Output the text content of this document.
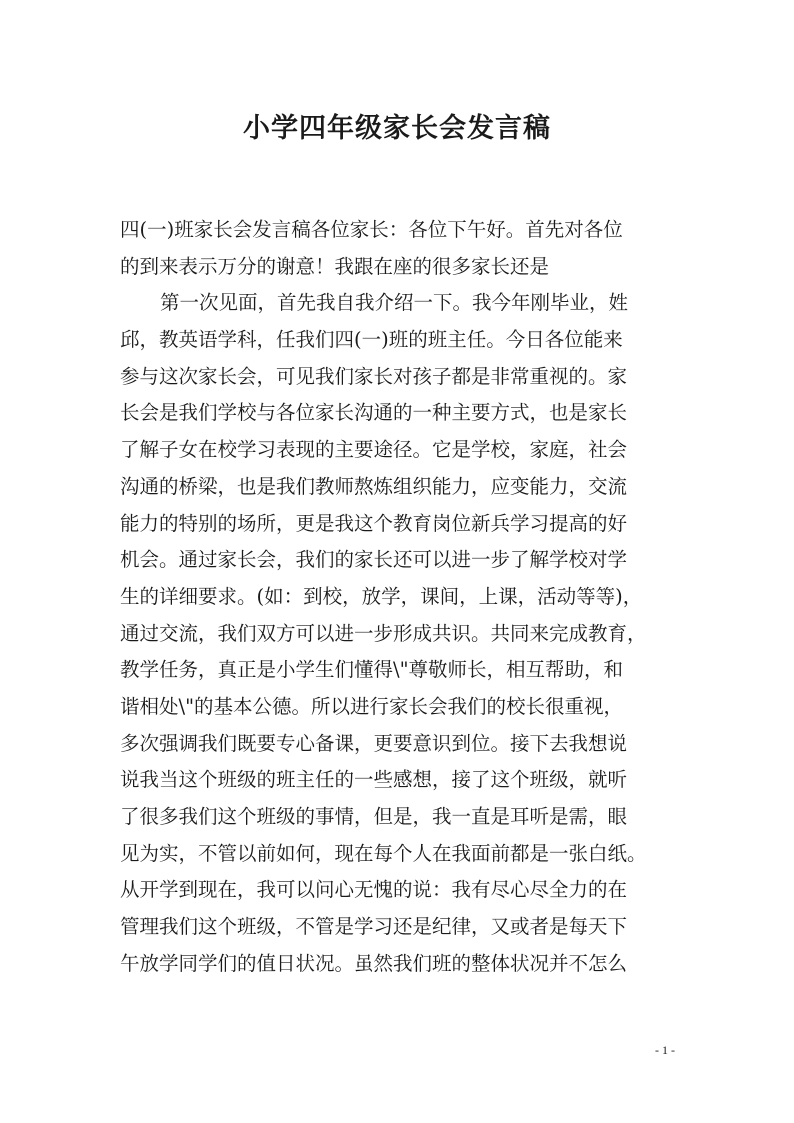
小学四年级家长会发言稿

四(一)班家长会发言稿各位家长：各位下午好。首先对各位

的到来表示万分的谢意！我跟在座的很多家长还是

第一次见面，首先我自我介绍一下。我今年刚毕业，姓

邱，教英语学科，任我们四(一)班的班主任。今日各位能来

参与这次家长会，可见我们家长对孩子都是非常重视的。家

长会是我们学校与各位家长沟通的一种主要方式，也是家长

了解子女在校学习表现的主要途径。它是学校，家庭，社会

沟通的桥梁，也是我们教师熬炼组织能力，应变能力，交流

能力的特别的场所，更是我这个教育岗位新兵学习提高的好

机会。通过家长会，我们的家长还可以进一步了解学校对学

生的详细要求。(如：到校，放学，课间，上课，活动等等)，

通过交流，我们双方可以进一步形成共识。共同来完成教育，

教学任务，真正是小学生们懂得\"尊敬师长，相互帮助，和

谐相处\"的基本公德。所以进行家长会我们的校长很重视，

多次强调我们既要专心备课，更要意识到位。接下去我想说

说我当这个班级的班主任的一些感想，接了这个班级，就听

了很多我们这个班级的事情，但是，我一直是耳听是需，眼

见为实，不管以前如何，现在每个人在我面前都是一张白纸。

从开学到现在，我可以问心无愧的说：我有尽心尽全力的在

管理我们这个班级，不管是学习还是纪律，又或者是每天下

午放学同学们的值日状况。虽然我们班的整体状况并不怎么

- 1 -
